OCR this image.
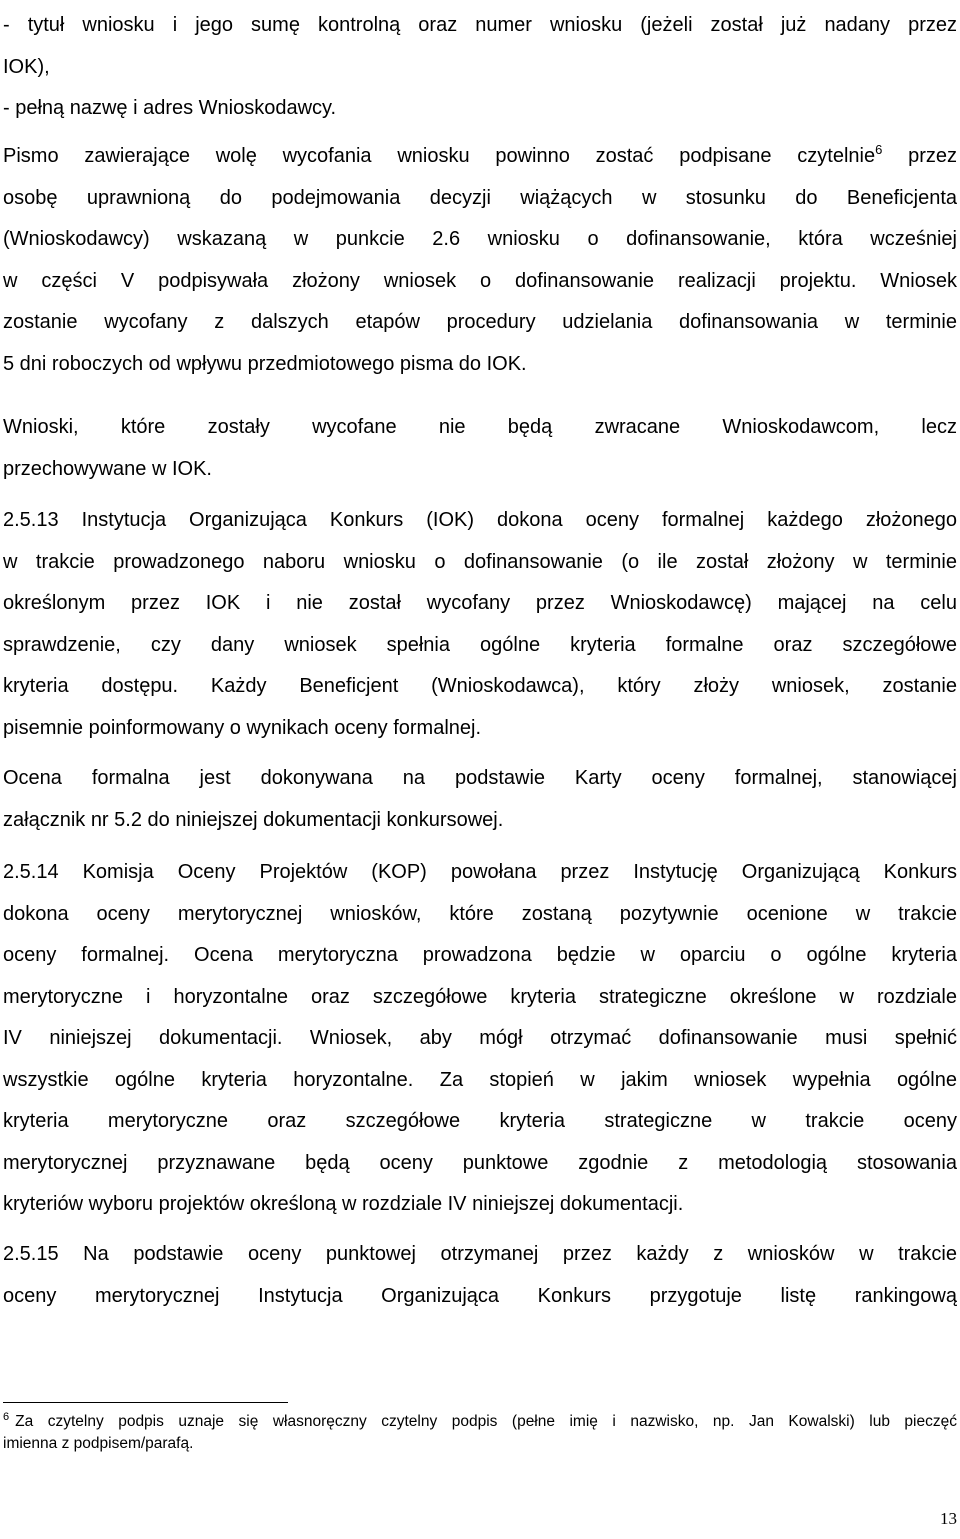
- tytuł wniosku i jego sumę kontrolną oraz numer wniosku (jeżeli został już nadany przez
IOK),
- pełną nazwę i adres Wnioskodawcy.
Pismo zawierające wolę wycofania wniosku powinno zostać podpisane czytelnie$^6$ przez
osobę uprawnioną do podejmowania decyzji wiążących w stosunku do Beneficjenta
(Wnioskodawcy) wskazaną w punkcie 2.6 wniosku o dofinansowanie, która wcześniej
w części V podpisywała złożony wniosek o dofinansowanie realizacji projektu. Wniosek
zostanie wycofany z dalszych etapów procedury udzielania dofinansowania w terminie
5 dni roboczych od wpływu przedmiotowego pisma do IOK.
Wnioski, które zostały wycofane nie będą zwracane Wnioskodawcom, lecz
przechowywane w IOK.
2.5.13 Instytucja Organizująca Konkurs (IOK) dokona oceny formalnej każdego złożonego
w trakcie prowadzonego naboru wniosku o dofinansowanie (o ile został złożony w terminie
określonym przez IOK i nie został wycofany przez Wnioskodawcę) mającej na celu
sprawdzenie, czy dany wniosek spełnia ogólne kryteria formalne oraz szczegółowe
kryteria dostępu. Każdy Beneficjent (Wnioskodawca), który złoży wniosek, zostanie
pisemnie poinformowany o wynikach oceny formalnej.
Ocena formalna jest dokonywana na podstawie Karty oceny formalnej, stanowiącej
załącznik nr 5.2 do niniejszej dokumentacji konkursowej.
2.5.14 Komisja Oceny Projektów (KOP) powołana przez Instytucję Organizującą Konkurs
dokona oceny merytorycznej wniosków, które zostaną pozytywnie ocenione w trakcie
oceny formalnej. Ocena merytoryczna prowadzona będzie w oparciu o ogólne kryteria
merytoryczne i horyzontalne oraz szczegółowe kryteria strategiczne określone w rozdziale
IV niniejszej dokumentacji. Wniosek, aby mógł otrzymać dofinansowanie musi spełnić
wszystkie ogólne kryteria horyzontalne. Za stopień w jakim wniosek wypełnia ogólne
kryteria merytoryczne oraz szczegółowe kryteria strategiczne w trakcie oceny
merytorycznej przyznawane będą oceny punktowe zgodnie z metodologią stosowania
kryteriów wyboru projektów określoną w rozdziale IV niniejszej dokumentacji.
2.5.15 Na podstawie oceny punktowej otrzymanej przez każdy z wniosków w trakcie
oceny merytorycznej Instytucja Organizująca Konkurs przygotuje listę rankingową
$^6$ Za czytelny podpis uznaje się własnoręczny czytelny podpis (pełne imię i nazwisko, np. Jan Kowalski) lub pieczęć
imienna z podpisem/parafą.

13
